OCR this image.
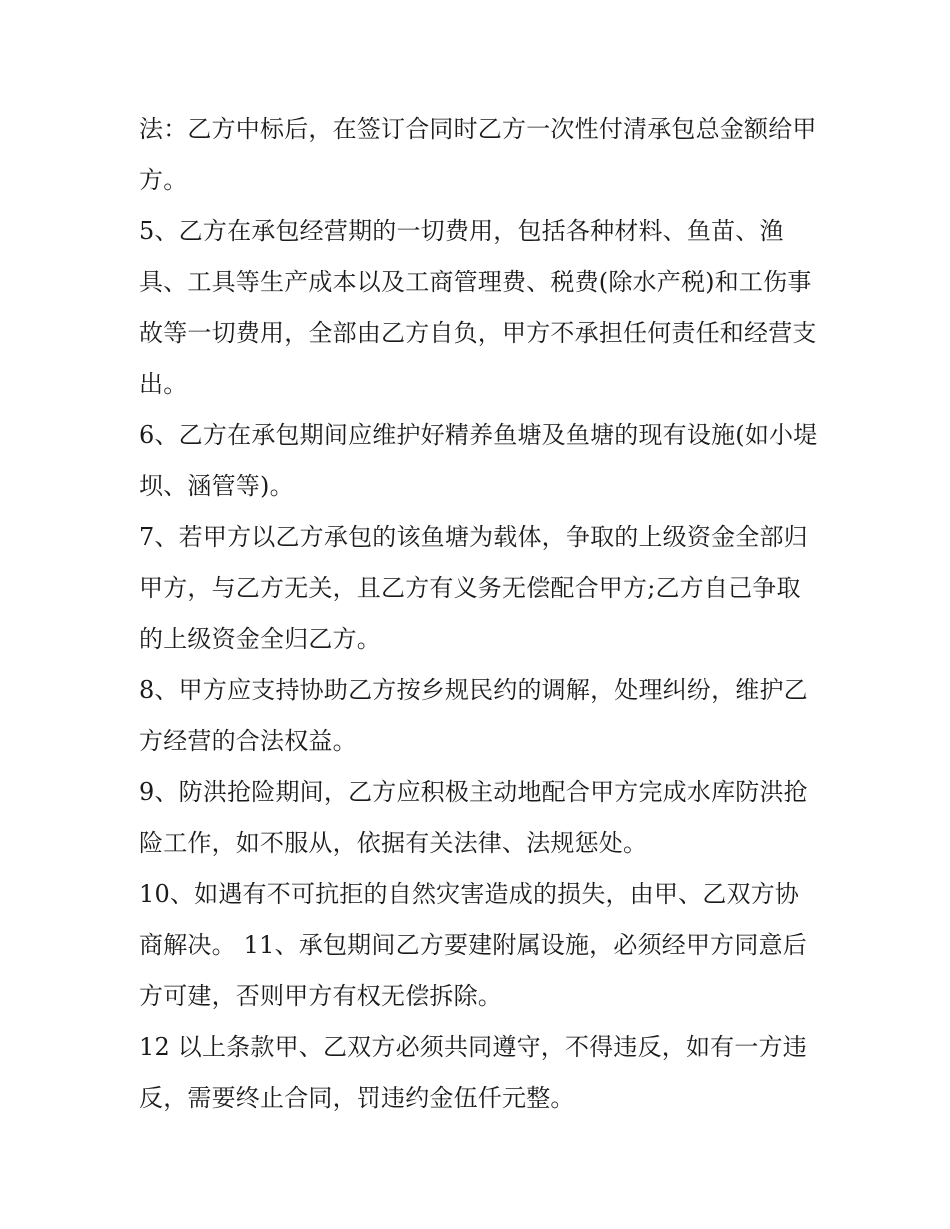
法：乙方中标后，在签订合同时乙方一次性付清承包总金额给甲方。

5、乙方在承包经营期的一切费用，包括各种材料、鱼苗、渔具、工具等生产成本以及工商管理费、税费(除水产税)和工伤事故等一切费用，全部由乙方自负，甲方不承担任何责任和经营支出。

6、乙方在承包期间应维护好精养鱼塘及鱼塘的现有设施(如小堤坝、涵管等)。

7、若甲方以乙方承包的该鱼塘为载体，争取的上级资金全部归甲方，与乙方无关，且乙方有义务无偿配合甲方;乙方自己争取的上级资金全归乙方。

8、甲方应支持协助乙方按乡规民约的调解，处理纠纷，维护乙方经营的合法权益。

9、防洪抢险期间，乙方应积极主动地配合甲方完成水库防洪抢险工作，如不服从，依据有关法律、法规惩处。

10、如遇有不可抗拒的自然灾害造成的损失，由甲、乙双方协商解决。 11、承包期间乙方要建附属设施，必须经甲方同意后方可建，否则甲方有权无偿拆除。

12 以上条款甲、乙双方必须共同遵守，不得违反，如有一方违反，需要终止合同，罚违约金伍仟元整。
